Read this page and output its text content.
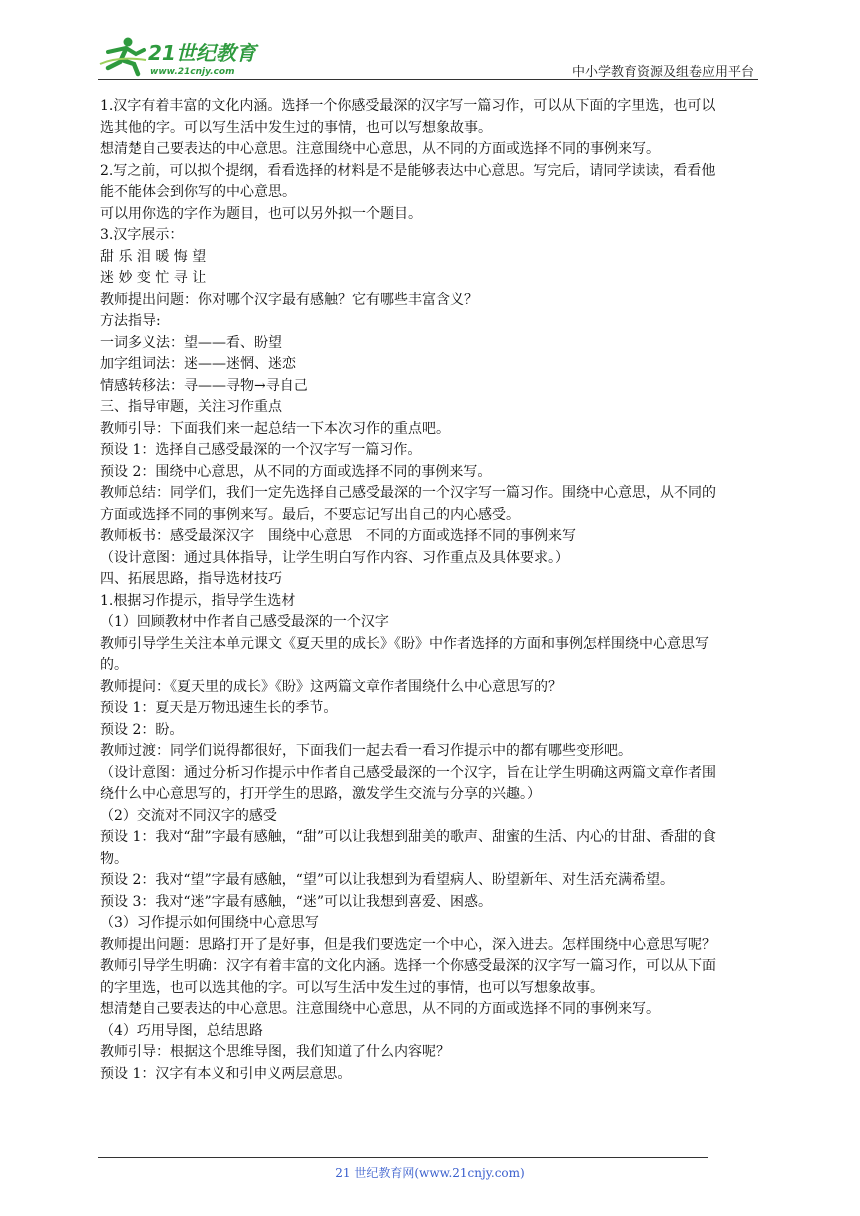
21世纪教育
www.21cnjy.com	中小学教育资源及组卷应用平台

1.汉字有着丰富的文化内涵。选择一个你感受最深的汉字写一篇习作，可以从下面的字里选，也可以

选其他的字。可以写生活中发生过的事情，也可以写想象故事。

想清楚自己要表达的中心意思。注意围绕中心意思，从不同的方面或选择不同的事例来写。

2.写之前，可以拟个提纲，看看选择的材料是不是能够表达中心意思。写完后，请同学读读，看看他

能不能体会到你写的中心意思。

可以用你选的字作为题目，也可以另外拟一个题目。

3.汉字展示：

甜 乐 泪 暖 悔 望

迷 妙 变 忙 寻 让

教师提出问题：你对哪个汉字最有感触？它有哪些丰富含义？

方法指导:

一词多义法：望——看、盼望

加字组词法：迷——迷惘、迷恋

情感转移法：寻——寻物→寻自己

三、指导审题，关注习作重点

教师引导：下面我们来一起总结一下本次习作的重点吧。

预设 1：选择自己感受最深的一个汉字写一篇习作。

预设 2：围绕中心意思，从不同的方面或选择不同的事例来写。

教师总结：同学们，我们一定先选择自己感受最深的一个汉字写一篇习作。围绕中心意思，从不同的

方面或选择不同的事例来写。最后，不要忘记写出自己的内心感受。

教师板书：感受最深汉字　围绕中心意思　不同的方面或选择不同的事例来写

（设计意图：通过具体指导，让学生明白写作内容、习作重点及具体要求。）

四、拓展思路，指导选材技巧

1.根据习作提示，指导学生选材

（1）回顾教材中作者自己感受最深的一个汉字

教师引导学生关注本单元课文《夏天里的成长》《盼》中作者选择的方面和事例怎样围绕中心意思写

的。

教师提问：《夏天里的成长》《盼》这两篇文章作者围绕什么中心意思写的？

预设 1：夏天是万物迅速生长的季节。

预设 2：盼。

教师过渡：同学们说得都很好，下面我们一起去看一看习作提示中的都有哪些变形吧。

（设计意图：通过分析习作提示中作者自己感受最深的一个汉字，旨在让学生明确这两篇文章作者围

绕什么中心意思写的，打开学生的思路，激发学生交流与分享的兴趣。）

（2）交流对不同汉字的感受

预设 1：我对“甜”字最有感触，“甜”可以让我想到甜美的歌声、甜蜜的生活、内心的甘甜、香甜的食

物。

预设 2：我对“望”字最有感触，“望”可以让我想到为看望病人、盼望新年、对生活充满希望。

预设 3：我对“迷”字最有感触，“迷”可以让我想到喜爱、困惑。

（3）习作提示如何围绕中心意思写

教师提出问题：思路打开了是好事，但是我们要选定一个中心，深入进去。怎样围绕中心意思写呢？

教师引导学生明确：汉字有着丰富的文化内涵。选择一个你感受最深的汉字写一篇习作，可以从下面

的字里选，也可以选其他的字。可以写生活中发生过的事情，也可以写想象故事。

想清楚自己要表达的中心意思。注意围绕中心意思，从不同的方面或选择不同的事例来写。

（4）巧用导图，总结思路

教师引导：根据这个思维导图，我们知道了什么内容呢？

预设 1：汉字有本义和引申义两层意思。

21 世纪教育网(www.21cnjy.com)
